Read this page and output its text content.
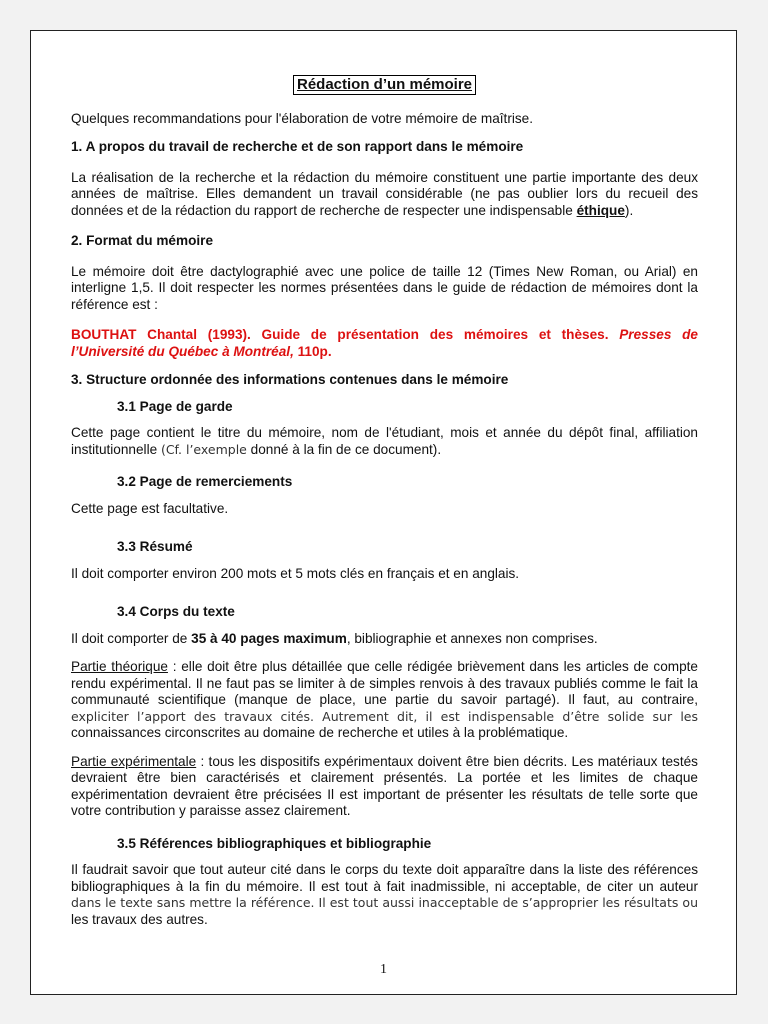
Rédaction d’un mémoire

Quelques recommandations pour l'élaboration de votre mémoire de maîtrise.

1. A propos du travail de recherche et de son rapport dans le mémoire

La réalisation de la recherche et la rédaction du mémoire constituent une partie importante des deux années de maîtrise. Elles demandent un travail considérable (ne pas oublier lors du recueil des données et de la rédaction du rapport de recherche de respecter une indispensable éthique).

2. Format du mémoire

Le mémoire doit être dactylographié avec une police de taille 12 (Times New Roman, ou Arial) en interligne 1,5. Il doit respecter les normes présentées dans le guide de rédaction de mémoires dont la référence est :

BOUTHAT Chantal (1993). Guide de présentation des mémoires et thèses. Presses de l’Université du Québec à Montréal, 110p.

3. Structure ordonnée des informations contenues dans le mémoire
3.1 Page de garde

Cette page contient le titre du mémoire, nom de l'étudiant, mois et année du dépôt final, affiliation institutionnelle (Cf. l’exemple donné à la fin de ce document).

3.2 Page de remerciements

Cette page est facultative.

3.3 Résumé

Il doit comporter environ 200 mots et 5 mots clés en français et en anglais.

3.4 Corps du texte

Il doit comporter de 35 à 40 pages maximum, bibliographie et annexes non comprises.

Partie théorique : elle doit être plus détaillée que celle rédigée brièvement dans les articles de compte rendu expérimental. Il ne faut pas se limiter à de simples renvois à des travaux publiés comme le fait la communauté scientifique (manque de place, une partie du savoir partagé). Il faut, au contraire, expliciter l’apport des travaux cités. Autrement dit, il est indispensable d’être solide sur les connaissances circonscrites au domaine de recherche et utiles à la problématique.

Partie expérimentale : tous les dispositifs expérimentaux doivent être bien décrits. Les matériaux testés devraient être bien caractérisés et clairement présentés. La portée et les limites de chaque expérimentation devraient être précisées Il est important de présenter les résultats de telle sorte que votre contribution y paraisse assez clairement.

3.5 Références bibliographiques et bibliographie

Il faudrait savoir que tout auteur cité dans le corps du texte doit apparaître dans la liste des références bibliographiques à la fin du mémoire. Il est tout à fait inadmissible, ni acceptable, de citer un auteur dans le texte sans mettre la référence. Il est tout aussi inacceptable de s’approprier les résultats ou les travaux des autres.

1
